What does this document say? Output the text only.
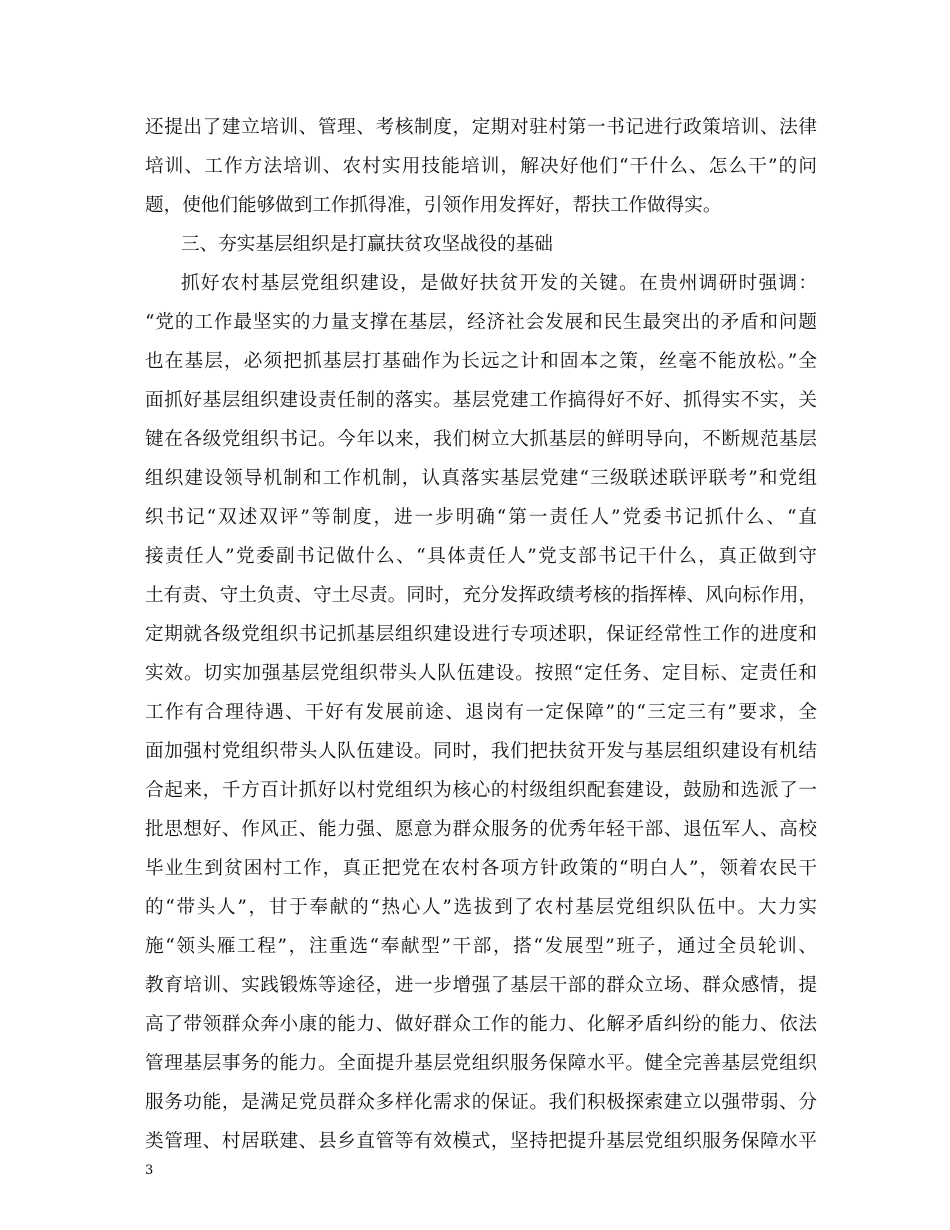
还提出了建立培训、管理、考核制度，定期对驻村第一书记进行政策培训、法律
培训、工作方法培训、农村实用技能培训，解决好他们“干什么、怎么干”的问
题，使他们能够做到工作抓得准，引领作用发挥好，帮扶工作做得实。
三、夯实基层组织是打赢扶贫攻坚战役的基础
抓好农村基层党组织建设，是做好扶贫开发的关键。在贵州调研时强调：
“党的工作最坚实的力量支撑在基层，经济社会发展和民生最突出的矛盾和问题
也在基层，必须把抓基层打基础作为长远之计和固本之策，丝毫不能放松。”全
面抓好基层组织建设责任制的落实。基层党建工作搞得好不好、抓得实不实，关
键在各级党组织书记。今年以来，我们树立大抓基层的鲜明导向，不断规范基层
组织建设领导机制和工作机制，认真落实基层党建“三级联述联评联考”和党组
织书记“双述双评”等制度，进一步明确“第一责任人”党委书记抓什么、“直
接责任人”党委副书记做什么、“具体责任人”党支部书记干什么，真正做到守
土有责、守土负责、守土尽责。同时，充分发挥政绩考核的指挥棒、风向标作用，
定期就各级党组织书记抓基层组织建设进行专项述职，保证经常性工作的进度和
实效。切实加强基层党组织带头人队伍建设。按照“定任务、定目标、定责任和
工作有合理待遇、干好有发展前途、退岗有一定保障”的“三定三有”要求，全
面加强村党组织带头人队伍建设。同时，我们把扶贫开发与基层组织建设有机结
合起来，千方百计抓好以村党组织为核心的村级组织配套建设，鼓励和选派了一
批思想好、作风正、能力强、愿意为群众服务的优秀年轻干部、退伍军人、高校
毕业生到贫困村工作，真正把党在农村各项方针政策的“明白人”，领着农民干
的“带头人”，甘于奉献的“热心人”选拔到了农村基层党组织队伍中。大力实
施“领头雁工程”，注重选“奉献型”干部，搭“发展型”班子，通过全员轮训、
教育培训、实践锻炼等途径，进一步增强了基层干部的群众立场、群众感情，提
高了带领群众奔小康的能力、做好群众工作的能力、化解矛盾纠纷的能力、依法
管理基层事务的能力。全面提升基层党组织服务保障水平。健全完善基层党组织
服务功能，是满足党员群众多样化需求的保证。我们积极探索建立以强带弱、分
类管理、村居联建、县乡直管等有效模式，坚持把提升基层党组织服务保障水平
3
